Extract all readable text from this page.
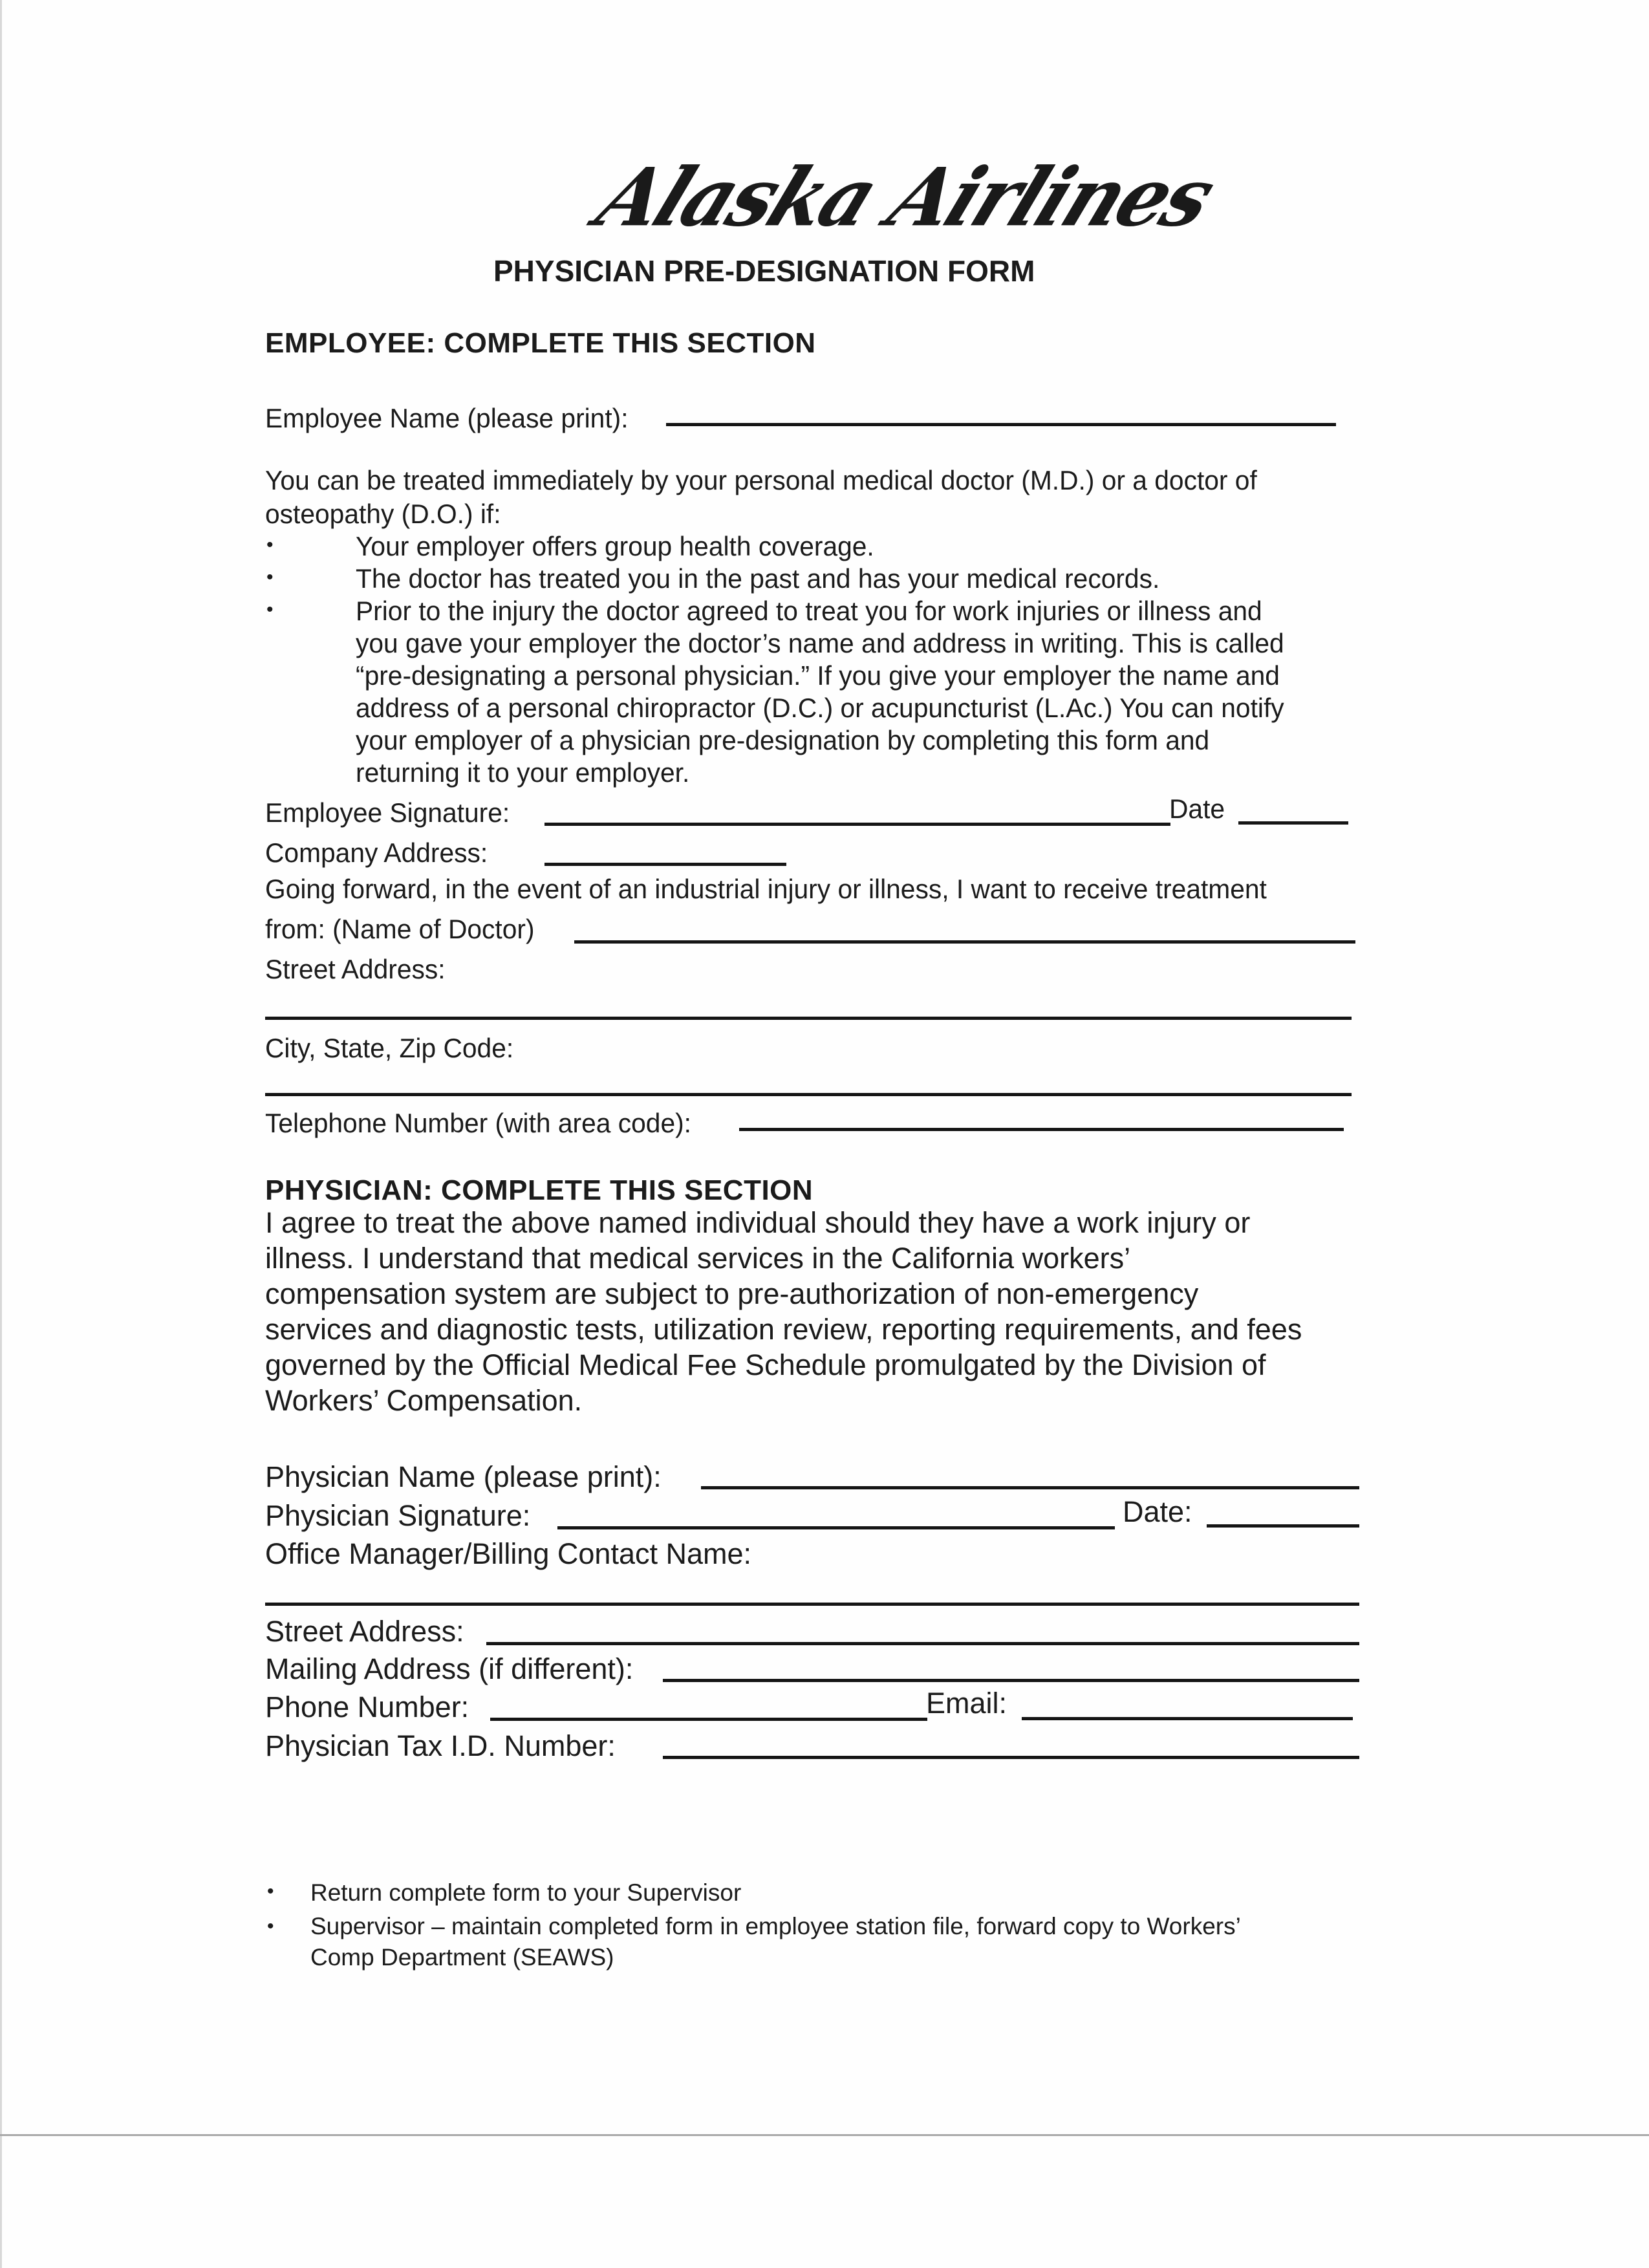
Alaska Airlines
PHYSICIAN PRE-DESIGNATION FORM
EMPLOYEE: COMPLETE THIS SECTION
Employee Name (please print):
You can be treated immediately by your personal medical doctor (M.D.) or a doctor of
osteopathy (D.O.) if:
•	Your employer offers group health coverage.
•	The doctor has treated you in the past and has your medical records.
•	Prior to the injury the doctor agreed to treat you for work injuries or illness and
you gave your employer the doctor’s name and address in writing. This is called
“pre-designating a personal physician.” If you give your employer the name and
address of a personal chiropractor (D.C.) or acupuncturist (L.Ac.) You can notify
your employer of a physician pre-designation by completing this form and
returning it to your employer.
Employee Signature:	Date
Company Address:
Going forward, in the event of an industrial injury or illness, I want to receive treatment
from: (Name of Doctor)
Street Address:
City, State, Zip Code:
Telephone Number (with area code):
PHYSICIAN: COMPLETE THIS SECTION
I agree to treat the above named individual should they have a work injury or
illness. I understand that medical services in the California workers’
compensation system are subject to pre-authorization of non-emergency
services and diagnostic tests, utilization review, reporting requirements, and fees
governed by the Official Medical Fee Schedule promulgated by the Division of
Workers’ Compensation.
Physician Name (please print):
Physician Signature:	Date:
Office Manager/Billing Contact Name:
Street Address:
Mailing Address (if different):
Phone Number:	Email:
Physician Tax I.D. Number:
• Return complete form to your Supervisor
• Supervisor – maintain completed form in employee station file, forward copy to Workers’
Comp Department (SEAWS)
